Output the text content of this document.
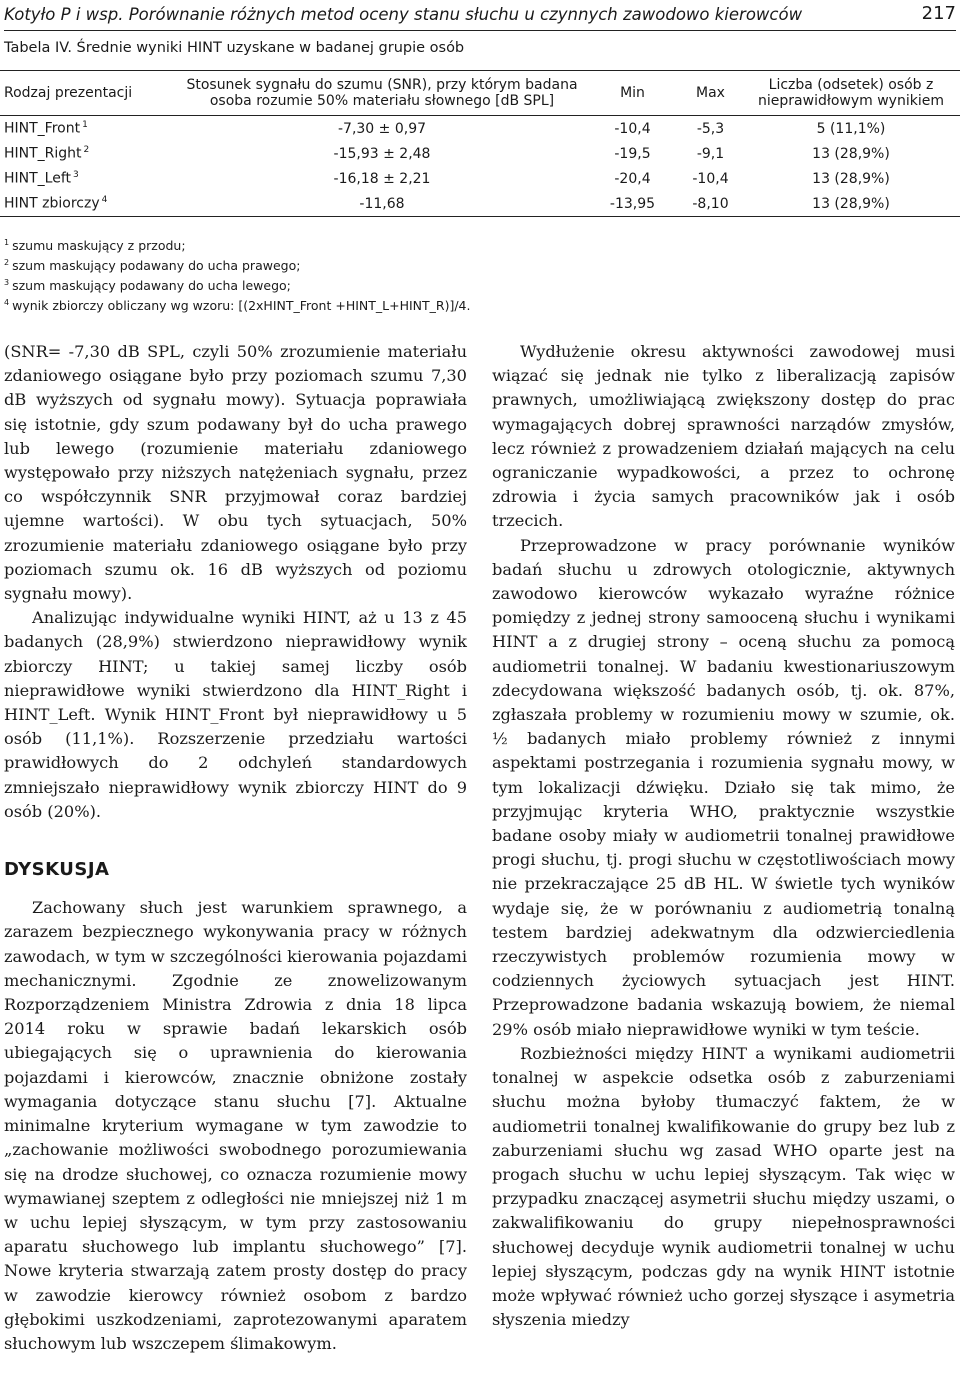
Kotyło P i wsp. Porównanie różnych metod oceny stanu słuchu u czynnych zawodowo kierowców	217
Tabela IV. Średnie wyniki HINT uzyskane w badanej grupie osób
Rodzaj prezentacji	Stosunek sygnału do szumu (SNR), przy którym badana osoba rozumie 50% materiału słownego [dB SPL]	Min	Max	Liczba (odsetek) osób z nieprawidłowym wynikiem
HINT_Front $^1$	-7,30 ± 0,97	-10,4	-5,3	5 (11,1%)
HINT_Right $^2$	-15,93 ± 2,48	-19,5	-9,1	13 (28,9%)
HINT_Left $^3$	-16,18 ± 2,21	-20,4	-10,4	13 (28,9%)
HINT zbiorczy $^4$	-11,68	-13,95	-8,10	13 (28,9%)
$^1$ szumu maskujący z przodu;
$^2$ szum maskujący podawany do ucha prawego;
$^3$ szum maskujący podawany do ucha lewego;
$^4$ wynik zbiorczy obliczany wg wzoru: [(2xHINT_Front +HINT_L+HINT_R)]/4.

(SNR= -7,30 dB SPL, czyli 50% zrozumienie materiału zdaniowego osiągane było przy poziomach szumu 7,30 dB wyższych od sygnału mowy). Sytuacja poprawiała się istotnie, gdy szum podawany był do ucha prawego lub lewego (rozumienie materiału zdaniowego występowało przy niższych natężeniach sygnału, przez co współczynnik SNR przyjmował coraz bardziej ujemne wartości). W obu tych sytuacjach, 50% zrozumienie materiału zdaniowego osiągane było przy poziomach szumu ok. 16 dB wyższych od poziomu sygnału mowy).

Analizując indywidualne wyniki HINT, aż u 13 z 45 badanych (28,9%) stwierdzono nieprawidłowy wynik zbiorczy HINT; u takiej samej liczby osób nieprawidłowe wyniki stwierdzono dla HINT_Right i HINT_Left. Wynik HINT_Front był nieprawidłowy u 5 osób (11,1%). Rozszerzenie przedziału wartości prawidłowych do 2 odchyleń standardowych zmniejszało nieprawidłowy wynik zbiorczy HINT do 9 osób (20%).

DYSKUSJA

Zachowany słuch jest warunkiem sprawnego, a zarazem bezpiecznego wykonywania pracy w różnych zawodach, w tym w szczególności kierowania pojazdami mechanicznymi. Zgodnie ze znowelizowanym Rozporządzeniem Ministra Zdrowia z dnia 18 lipca 2014 roku w sprawie badań lekarskich osób ubiegających się o uprawnienia do kierowania pojazdami i kierowców, znacznie obniżone zostały wymagania dotyczące stanu słuchu [7]. Aktualne minimalne kryterium wymagane w tym zawodzie to „zachowanie możliwości swobodnego porozumiewania się na drodze słuchowej, co oznacza rozumienie mowy wymawianej szeptem z odległości nie mniejszej niż 1 m w uchu lepiej słyszącym, w tym przy zastosowaniu aparatu słuchowego lub implantu słuchowego” [7]. Nowe kryteria stwarzają zatem prosty dostęp do pracy w zawodzie kierowcy również osobom z bardzo głębokimi uszkodzeniami, zaprotezowanymi aparatem słuchowym lub wszczepem ślimakowym.

Wydłużenie okresu aktywności zawodowej musi wiązać się jednak nie tylko z liberalizacją zapisów prawnych, umożliwiającą zwiększony dostęp do prac wymagających dobrej sprawności narządów zmysłów, lecz również z prowadzeniem działań mających na celu ograniczanie wypadkowości, a przez to ochronę zdrowia i życia samych pracowników jak i osób trzecich.

Przeprowadzone w pracy porównanie wyników badań słuchu u zdrowych otologicznie, aktywnych zawodowo kierowców wykazało wyraźne różnice pomiędzy z jednej strony samooceną słuchu i wynikami HINT a z drugiej strony – oceną słuchu za pomocą audiometrii tonalnej. W badaniu kwestionariuszowym zdecydowana większość badanych osób, tj. ok. 87%, zgłaszała problemy w rozumieniu mowy w szumie, ok. ½ badanych miało problemy również z innymi aspektami postrzegania i rozumienia sygnału mowy, w tym lokalizacji dźwięku. Działo się tak mimo, że przyjmując kryteria WHO, praktycznie wszystkie badane osoby miały w audiometrii tonalnej prawidłowe progi słuchu, tj. progi słuchu w częstotliwościach mowy nie przekraczające 25 dB HL. W świetle tych wyników wydaje się, że w porównaniu z audiometrią tonalną testem bardziej adekwatnym dla odzwierciedlenia rzeczywistych problemów rozumienia mowy w codziennych życiowych sytuacjach jest HINT. Przeprowadzone badania wskazują bowiem, że niemal 29% osób miało nieprawidłowe wyniki w tym teście.

Rozbieżności między HINT a wynikami audiometrii tonalnej w aspekcie odsetka osób z zaburzeniami słuchu można byłoby tłumaczyć faktem, że w audiometrii tonalnej kwalifikowanie do grupy bez lub z zaburzeniami słuchu wg zasad WHO oparte jest na progach słuchu w uchu lepiej słyszącym. Tak więc w przypadku znaczącej asymetrii słuchu między uszami, o zakwalifikowaniu do grupy niepełnosprawności słuchowej decyduje wynik audiometrii tonalnej w uchu lepiej słyszącym, podczas gdy na wynik HINT istotnie może wpływać również ucho gorzej słyszące i asymetria słyszenia miedzy
